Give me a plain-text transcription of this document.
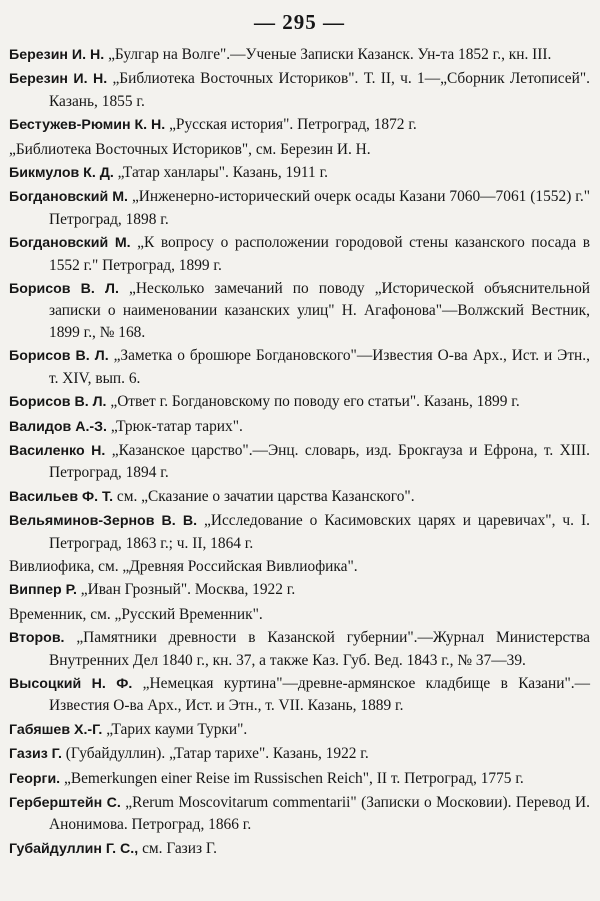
— 295 —

Березин И. Н. „Булгар на Волге".—Ученые Записки Казанск. Ун-та 1852 г., кн. III.

Березин И. Н. „Библиотека Восточных Историков". Т. II, ч. 1—„Сборник Летописей". Казань, 1855 г.

Бестужев-Рюмин К. Н. „Русская история". Петроград, 1872 г.

„Библиотека Восточных Историков", см. Березин И. Н.

Бикмулов К. Д. „Татар ханлары". Казань, 1911 г.

Богдановский М. „Инженерно-исторический очерк осады Казани 7060—7061 (1552) г." Петроград, 1898 г.

Богдановский М. „К вопросу о расположении городовой стены казанского посада в 1552 г." Петроград, 1899 г.

Борисов В. Л. „Несколько замечаний по поводу „Исторической объяснительной записки о наименовании казанских улиц" Н. Агафонова"—Волжский Вестник, 1899 г., № 168.

Борисов В. Л. „Заметка о брошюре Богдановского"—Известия О-ва Арх., Ист. и Этн., т. XIV, вып. 6.

Борисов В. Л. „Ответ г. Богдановскому по поводу его статьи". Казань, 1899 г.

Валидов А.-З. „Трюк-татар тарих".

Василенко Н. „Казанское царство".—Энц. словарь, изд. Брокгауза и Ефрона, т. XIII. Петроград, 1894 г.

Васильев Ф. Т. см. „Сказание о зачатии царства Казанского".

Вельяминов-Зернов В. В. „Исследование о Касимовских царях и царевичах", ч. I. Петроград, 1863 г.; ч. II, 1864 г.

Вивлиофика, см. „Древняя Российская Вивлиофика".

Виппер Р. „Иван Грозный". Москва, 1922 г.

Временник, см. „Русский Временник".

Второв. „Памятники древности в Казанской губернии".—Журнал Министерства Внутренних Дел 1840 г., кн. 37, а также Каз. Губ. Вед. 1843 г., № 37—39.

Высоцкий Н. Ф. „Немецкая куртина"—древне-армянское кладбище в Казани".—Известия О-ва Арх., Ист. и Этн., т. VII. Казань, 1889 г.

Габяшев Х.-Г. „Тарих кауми Турки".

Газиз Г. (Губайдуллин). „Татар тарихе". Казань, 1922 г.

Георги. „Bemerkungen einer Reise im Russischen Reich", II т. Петроград, 1775 г.

Герберштейн С. „Rerum Moscovitarum commentarii" (Записки о Московии). Перевод И. Анонимова. Петроград, 1866 г.

Губайдуллин Г. С., см. Газиз Г.
